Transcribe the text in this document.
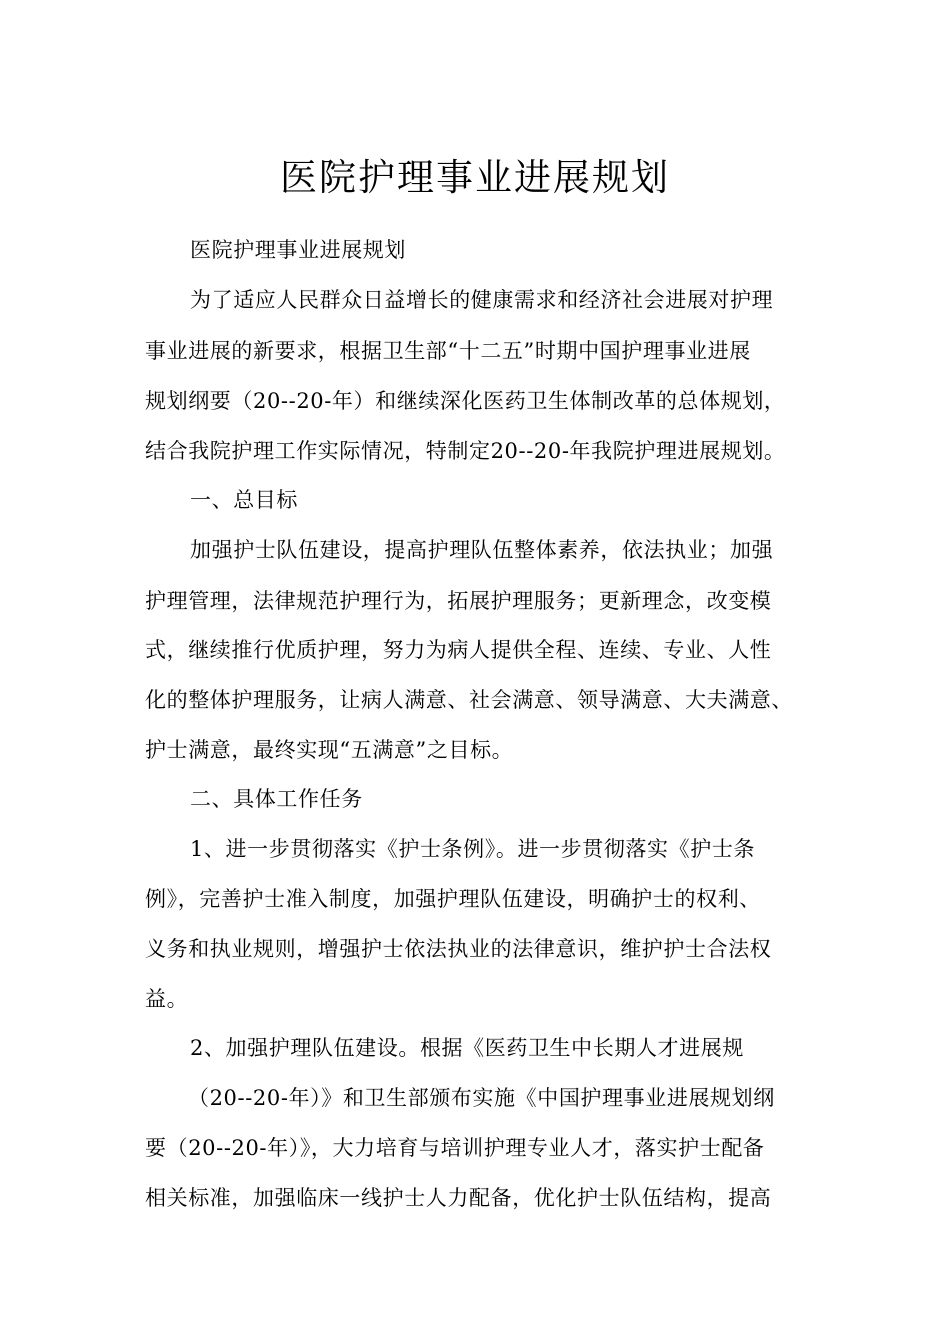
医院护理事业进展规划
医院护理事业进展规划
为了适应人民群众日益增长的健康需求和经济社会进展对护理
事业进展的新要求，根据卫生部“十二五”时期中国护理事业进展
规划纲要（20--20-年）和继续深化医药卫生体制改革的总体规划，
结合我院护理工作实际情况，特制定20--20-年我院护理进展规划。
一、总目标
加强护士队伍建设，提高护理队伍整体素养，依法执业；加强
护理管理，法律规范护理行为，拓展护理服务；更新理念，改变模
式，继续推行优质护理，努力为病人提供全程、连续、专业、人性
化的整体护理服务，让病人满意、社会满意、领导满意、大夫满意、
护士满意，最终实现“五满意”之目标。
二、具体工作任务
1、进一步贯彻落实《护士条例》。进一步贯彻落实《护士条
例》，完善护士准入制度，加强护理队伍建设，明确护士的权利、
义务和执业规则，增强护士依法执业的法律意识，维护护士合法权
益。
2、加强护理队伍建设。根据《医药卫生中长期人才进展规
（20--20-年）》和卫生部颁布实施《中国护理事业进展规划纲
要（20--20-年）》，大力培育与培训护理专业人才，落实护士配备
相关标准，加强临床一线护士人力配备，优化护士队伍结构，提高
